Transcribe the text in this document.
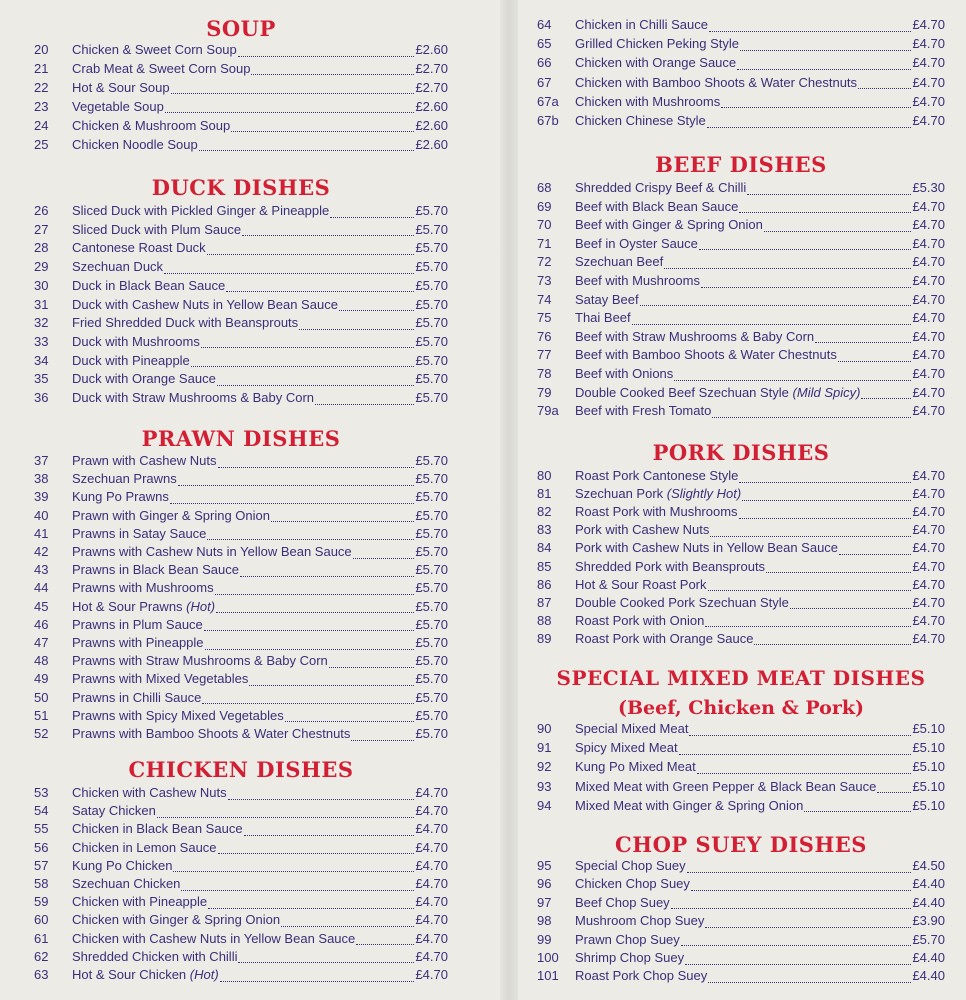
SOUP
20	Chicken & Sweet Corn Soup	£2.60
21	Crab Meat & Sweet Corn Soup	£2.70
22	Hot & Sour Soup	£2.70
23	Vegetable Soup	£2.60
24	Chicken & Mushroom Soup	£2.60
25	Chicken Noodle Soup	£2.60
DUCK DISHES
26	Sliced Duck with Pickled Ginger & Pineapple	£5.70
27	Sliced Duck with Plum Sauce	£5.70
28	Cantonese Roast Duck	£5.70
29	Szechuan Duck	£5.70
30	Duck in Black Bean Sauce	£5.70
31	Duck with Cashew Nuts in Yellow Bean Sauce	£5.70
32	Fried Shredded Duck with Beansprouts	£5.70
33	Duck with Mushrooms	£5.70
34	Duck with Pineapple	£5.70
35	Duck with Orange Sauce	£5.70
36	Duck with Straw Mushrooms & Baby Corn	£5.70
PRAWN DISHES
37	Prawn with Cashew Nuts	£5.70
38	Szechuan Prawns	£5.70
39	Kung Po Prawns	£5.70
40	Prawn with Ginger & Spring Onion	£5.70
41	Prawns in Satay Sauce	£5.70
42	Prawns with Cashew Nuts in Yellow Bean Sauce	£5.70
43	Prawns in Black Bean Sauce	£5.70
44	Prawns with Mushrooms	£5.70
45	Hot & Sour Prawns (Hot)	£5.70
46	Prawns in Plum Sauce	£5.70
47	Prawns with Pineapple	£5.70
48	Prawns with Straw Mushrooms & Baby Corn	£5.70
49	Prawns with Mixed Vegetables	£5.70
50	Prawns in Chilli Sauce	£5.70
51	Prawns with Spicy Mixed Vegetables	£5.70
52	Prawns with Bamboo Shoots & Water Chestnuts	£5.70
CHICKEN DISHES
53	Chicken with Cashew Nuts	£4.70
54	Satay Chicken	£4.70
55	Chicken in Black Bean Sauce	£4.70
56	Chicken in Lemon Sauce	£4.70
57	Kung Po Chicken	£4.70
58	Szechuan Chicken	£4.70
59	Chicken with Pineapple	£4.70
60	Chicken with Ginger & Spring Onion	£4.70
61	Chicken with Cashew Nuts in Yellow Bean Sauce	£4.70
62	Shredded Chicken with Chilli	£4.70
63	Hot & Sour Chicken (Hot)	£4.70
64	Chicken in Chilli Sauce	£4.70
65	Grilled Chicken Peking Style	£4.70
66	Chicken with Orange Sauce	£4.70
67	Chicken with Bamboo Shoots & Water Chestnuts	£4.70
67a	Chicken with Mushrooms	£4.70
67b	Chicken Chinese Style	£4.70
BEEF DISHES
68	Shredded Crispy Beef & Chilli	£5.30
69	Beef with Black Bean Sauce	£4.70
70	Beef with Ginger & Spring Onion	£4.70
71	Beef in Oyster Sauce	£4.70
72	Szechuan Beef	£4.70
73	Beef with Mushrooms	£4.70
74	Satay Beef	£4.70
75	Thai Beef	£4.70
76	Beef with Straw Mushrooms & Baby Corn	£4.70
77	Beef with Bamboo Shoots & Water Chestnuts	£4.70
78	Beef with Onions	£4.70
79	Double Cooked Beef Szechuan Style (Mild Spicy)	£4.70
79a	Beef with Fresh Tomato	£4.70
PORK DISHES
80	Roast Pork Cantonese Style	£4.70
81	Szechuan Pork (Slightly Hot)	£4.70
82	Roast Pork with Mushrooms	£4.70
83	Pork with Cashew Nuts	£4.70
84	Pork with Cashew Nuts in Yellow Bean Sauce	£4.70
85	Shredded Pork with Beansprouts	£4.70
86	Hot & Sour Roast Pork	£4.70
87	Double Cooked Pork Szechuan Style	£4.70
88	Roast Pork with Onion	£4.70
89	Roast Pork with Orange Sauce	£4.70
SPECIAL MIXED MEAT DISHES
(Beef, Chicken & Pork)
90	Special Mixed Meat	£5.10
91	Spicy Mixed Meat	£5.10
92	Kung Po Mixed Meat	£5.10
93	Mixed Meat with Green Pepper & Black Bean Sauce	£5.10
94	Mixed Meat with Ginger & Spring Onion	£5.10
CHOP SUEY DISHES
95	Special Chop Suey	£4.50
96	Chicken Chop Suey	£4.40
97	Beef Chop Suey	£4.40
98	Mushroom Chop Suey	£3.90
99	Prawn Chop Suey	£5.70
100	Shrimp Chop Suey	£4.40
101	Roast Pork Chop Suey	£4.40
